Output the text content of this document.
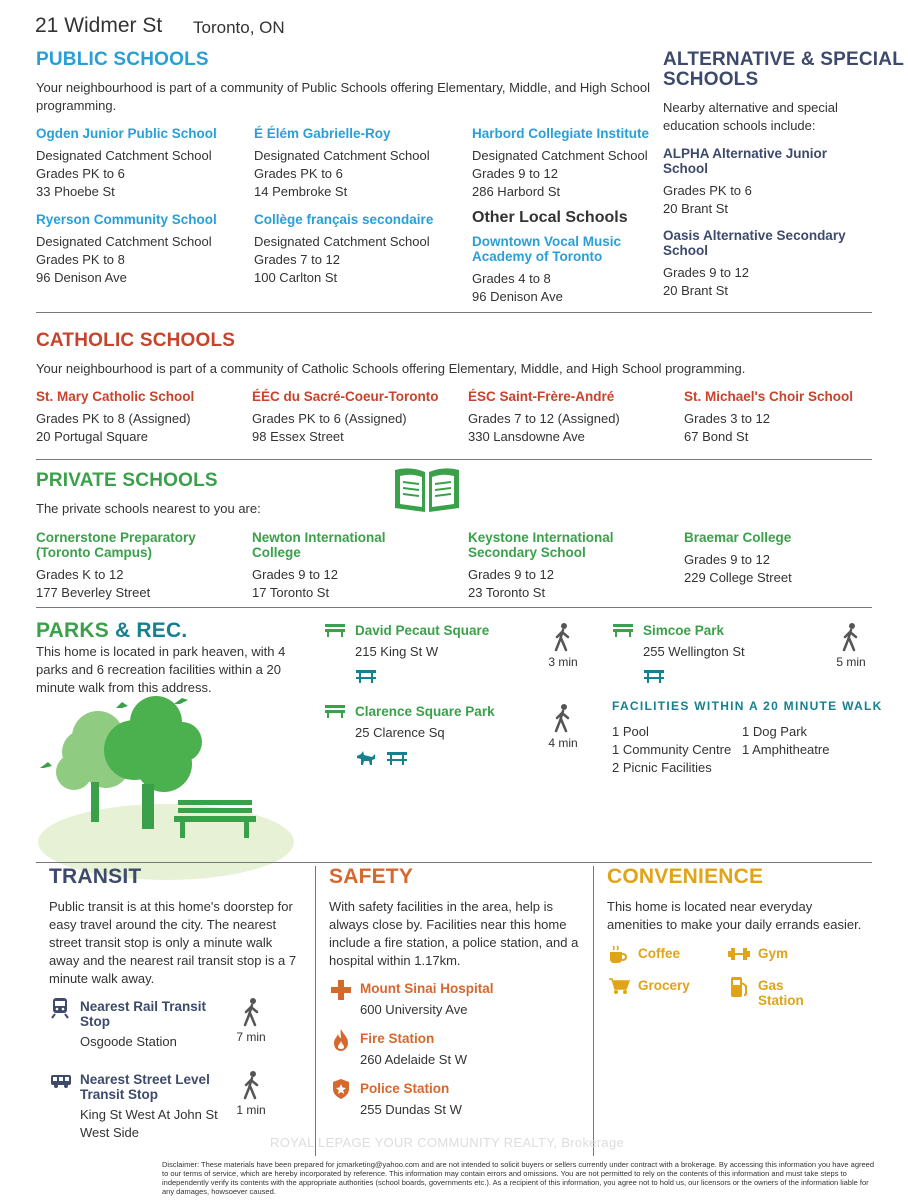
21 Widmer St Toronto, ON
PUBLIC SCHOOLS
Your neighbourhood is part of a community of Public Schools offering Elementary, Middle, and High School programming.
Ogden Junior Public School
Designated Catchment School
Grades PK to 6
33 Phoebe St
É Élém Gabrielle-Roy
Designated Catchment School
Grades PK to 6
14 Pembroke St
Harbord Collegiate Institute
Designated Catchment School
Grades 9 to 12
286 Harbord St
Ryerson Community School
Designated Catchment School
Grades PK to 8
96 Denison Ave
Collège français secondaire
Designated Catchment School
Grades 7 to 12
100 Carlton St
Other Local Schools
Downtown Vocal Music Academy of Toronto
Grades 4 to 8
96 Denison Ave
ALTERNATIVE & SPECIAL
SCHOOLS
Nearby alternative and special education schools include:
ALPHA Alternative Junior School
Grades PK to 6
20 Brant St
Oasis Alternative Secondary School
Grades 9 to 12
20 Brant St
CATHOLIC SCHOOLS
Your neighbourhood is part of a community of Catholic Schools offering Elementary, Middle, and High School programming.
St. Mary Catholic School
Grades PK to 8 (Assigned)
20 Portugal Square
ÉÉC du Sacré-Coeur-Toronto
Grades PK to 6 (Assigned)
98 Essex Street
ÉSC Saint-Frère-André
Grades 7 to 12 (Assigned)
330 Lansdowne Ave
St. Michael's Choir School
Grades 3 to 12
67 Bond St
PRIVATE SCHOOLS
The private schools nearest to you are:
Cornerstone Preparatory (Toronto Campus)
Grades K to 12
177 Beverley Street
Newton International College
Grades 9 to 12
17 Toronto St
Keystone International Secondary School
Grades 9 to 12
23 Toronto St
Braemar College
Grades 9 to 12
229 College Street
PARKS & REC.
This home is located in park heaven, with 4 parks and 6 recreation facilities within a 20 minute walk from this address.
David Pecaut Square
215 King St W
3 min
Simcoe Park
255 Wellington St
5 min
Clarence Square Park
25 Clarence Sq
4 min
FACILITIES WITHIN A 20 MINUTE WALK
1 Pool	1 Dog Park
1 Community Centre 1 Amphitheatre
2 Picnic Facilities
TRANSIT
Public transit is at this home's doorstep for easy travel around the city. The nearest street transit stop is only a minute walk away and the nearest rail transit stop is a 7 minute walk away.
Nearest Rail Transit Stop
Osgoode Station	7 min
Nearest Street Level Transit Stop
King St West At John St West Side
1 min
SAFETY
With safety facilities in the area, help is always close by. Facilities near this home include a fire station, a police station, and a hospital within 1.17km.
Mount Sinai Hospital
600 University Ave
Fire Station
260 Adelaide St W
Police Station
255 Dundas St W
CONVENIENCE
This home is located near everyday amenities to make your daily errands easier.
Coffee	Gym
Grocery	Gas Station
ROYAL LEPAGE YOUR COMMUNITY REALTY, Brokerage
Disclaimer: These materials have been prepared for jcmarketing@yahoo.com and are not intended to solicit buyers or sellers currently under contract with a brokerage. By accessing this information you have agreed to our terms of service, which are hereby incorporated by reference. This information may contain errors and omissions. You are not permitted to rely on the contents of this information and must take steps to independently verify its contents with the appropriate authorities (school boards, governments etc.). As a recipient of this information, you agree not to hold us, our licensors or the owners of the information liable for any damages, howsoever caused.
